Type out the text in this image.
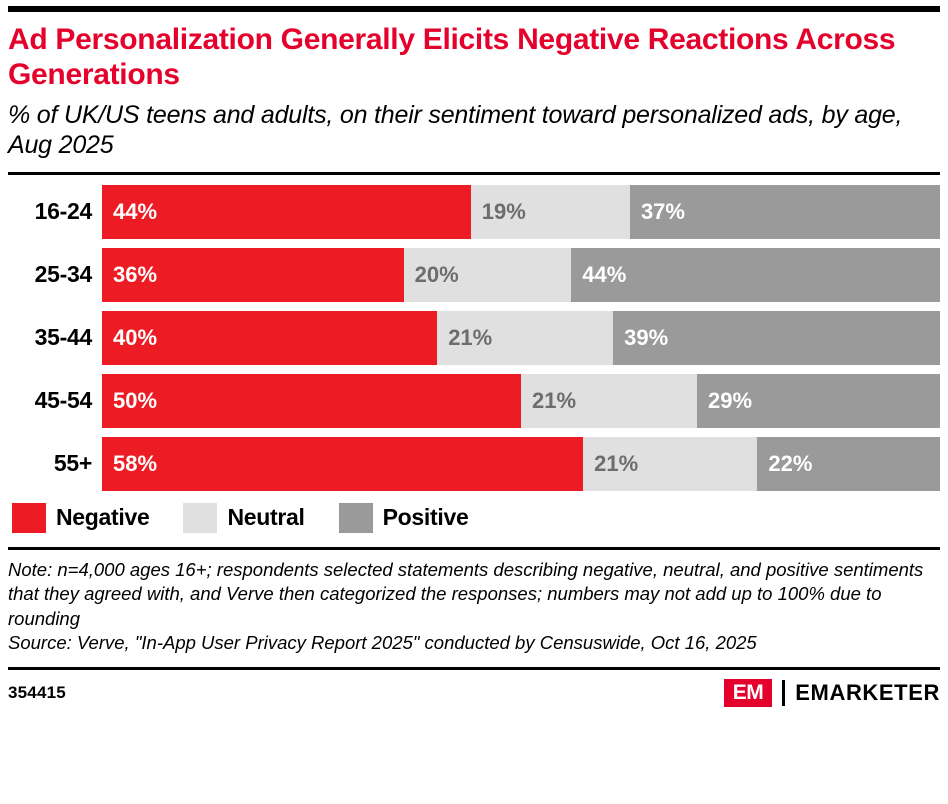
Ad Personalization Generally Elicits Negative Reactions Across Generations
% of UK/US teens and adults, on their sentiment toward personalized ads, by age, Aug 2025
16-24 44%	19%	37%
25-34 36%	20%	44%
35-44 40%	21%	39%
45-54 50%	21%	29%
55+ 58%	21%	22%
Negative	Neutral	Positive

Note: n=4,000 ages 16+; respondents selected statements describing negative, neutral, and positive sentiments that they agreed with, and Verve then categorized the responses; numbers may not add up to 100% due to rounding

Source: Verve, "In-App User Privacy Report 2025" conducted by Censuswide, Oct 16, 2025

354415	EM	EMARKETER
